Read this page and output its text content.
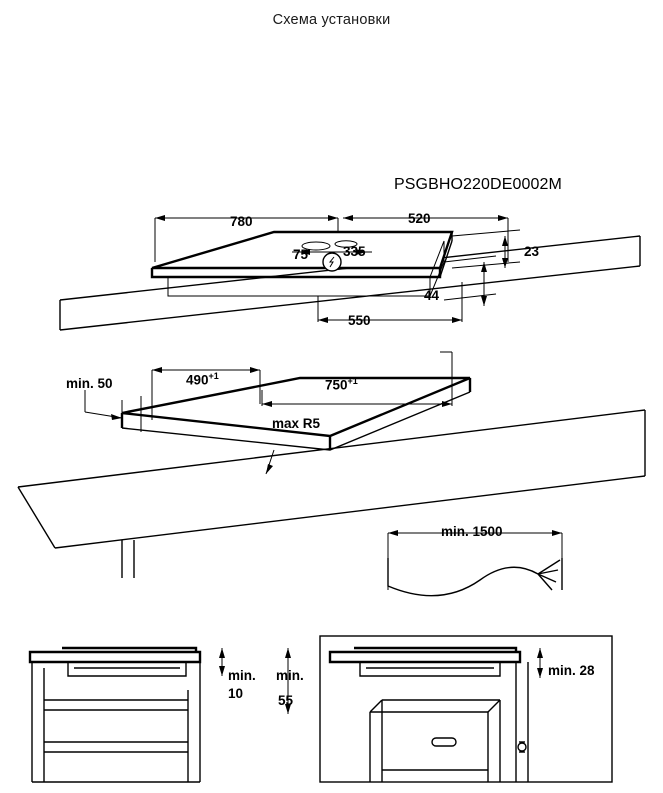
Схема установки
PSGBHO220DE0002M
780	520
75	335	23
44
550
min. 50	$490^{+1}$
$750^{+1}$
max R5
min. 1500
min.
10
min.
55
min. 28
